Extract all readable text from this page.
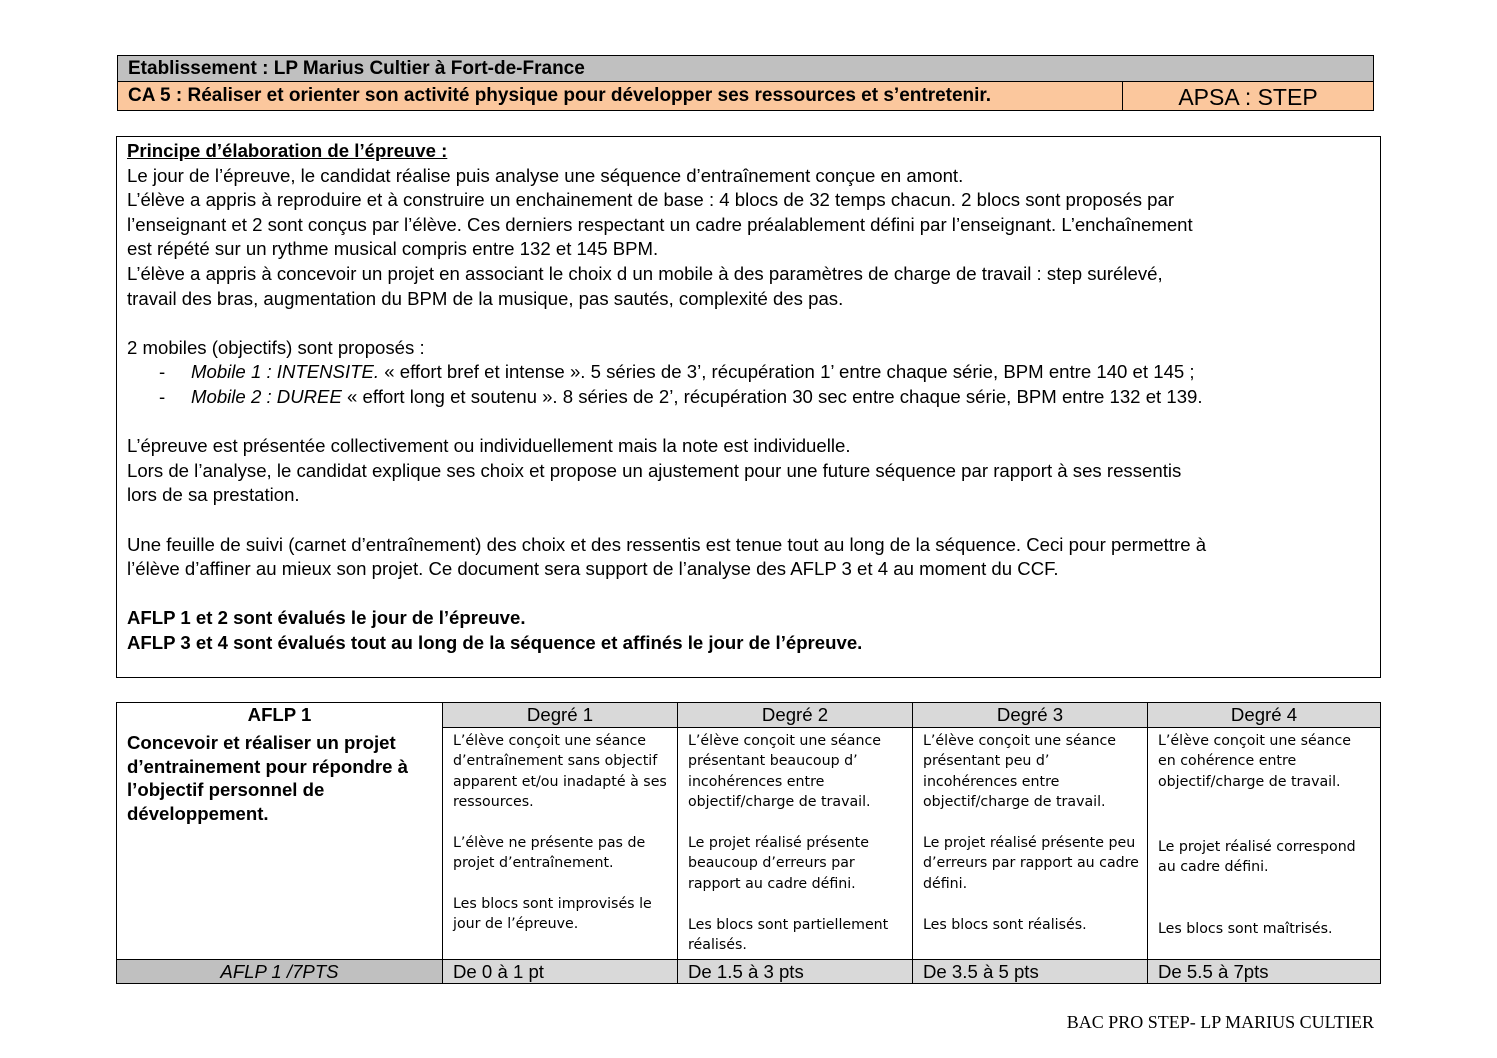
Etablissement : LP Marius Cultier à Fort-de-France
CA 5 : Réaliser et orienter son activité physique pour développer ses ressources et s’entretenir.	APSA : STEP

Principe d’élaboration de l’épreuve :

Le jour de l’épreuve, le candidat réalise puis analyse une séquence d’entraînement conçue en amont.

L’élève a appris à reproduire et à construire un enchainement de base : 4 blocs de 32 temps chacun. 2 blocs sont proposés par

l’enseignant et 2 sont conçus par l’élève. Ces derniers respectant un cadre préalablement défini par l’enseignant. L’enchaînement

est répété sur un rythme musical compris entre 132 et 145 BPM.

L’élève a appris à concevoir un projet en associant le choix d un mobile à des paramètres de charge de travail : step surélevé,

travail des bras, augmentation du BPM de la musique, pas sautés, complexité des pas.

2 mobiles (objectifs) sont proposés :

- Mobile 1 : INTENSITE. « effort bref et intense ». 5 séries de 3’, récupération 1’ entre chaque série, BPM entre 140 et 145 ;

- Mobile 2 : DUREE « effort long et soutenu ». 8 séries de 2’, récupération 30 sec entre chaque série, BPM entre 132 et 139.

L’épreuve est présentée collectivement ou individuellement mais la note est individuelle.

Lors de l’analyse, le candidat explique ses choix et propose un ajustement pour une future séquence par rapport à ses ressentis

lors de sa prestation.

Une feuille de suivi (carnet d’entraînement) des choix et des ressentis est tenue tout au long de la séquence. Ceci pour permettre à

l’élève d’affiner au mieux son projet. Ce document sera support de l’analyse des AFLP 3 et 4 au moment du CCF.

AFLP 1 et 2 sont évalués le jour de l’épreuve.

AFLP 3 et 4 sont évalués tout au long de la séquence et affinés le jour de l’épreuve.

AFLP 1
Concevoir et réaliser un projet d’entrainement pour répondre à l’objectif personnel de développement.
AFLP 1 /7PTS
Degré 1

L’élève conçoit une séance d’entraînement sans objectif apparent et/ou inadapté à ses ressources.

L’élève ne présente pas de projet d’entraînement.

Les blocs sont improvisés le jour de l’épreuve.

De 0 à 1 pt
Degré 2

L’élève conçoit une séance présentant beaucoup d’ incohérences entre objectif/charge de travail.

Le projet réalisé présente beaucoup d’erreurs par rapport au cadre défini.

Les blocs sont partiellement réalisés.

De 1.5 à 3 pts
Degré 3

L’élève conçoit une séance présentant peu d’ incohérences entre objectif/charge de travail.

Le projet réalisé présente peu d’erreurs par rapport au cadre défini.

Les blocs sont réalisés.

De 3.5 à 5 pts
Degré 4

L’élève conçoit une séance en cohérence entre objectif/charge de travail.

Le projet réalisé correspond au cadre défini.

Les blocs sont maîtrisés.

De 5.5 à 7pts
BAC PRO STEP- LP MARIUS CULTIER
